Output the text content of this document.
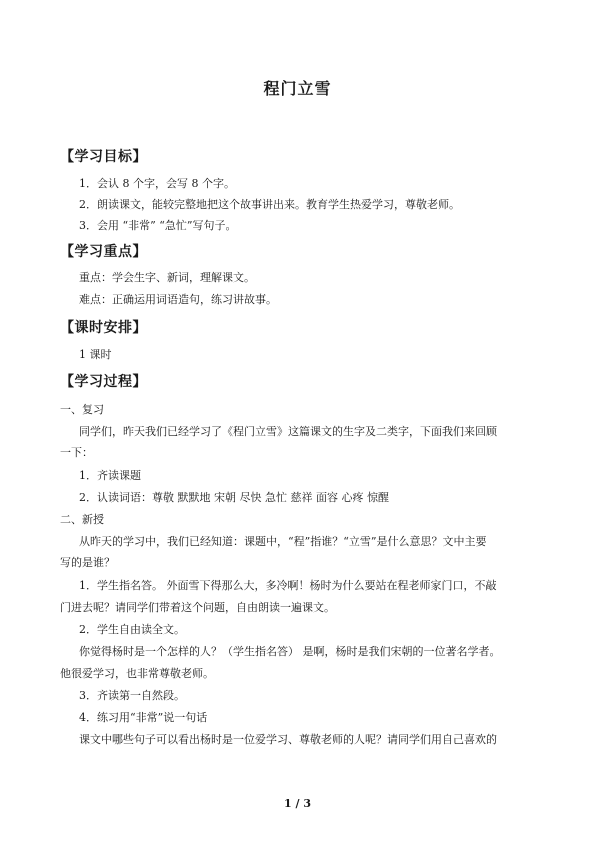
程门立雪
【学习目标】
1．会认 8 个字，会写 8 个字。
2．朗读课文，能较完整地把这个故事讲出来。教育学生热爱学习，尊敬老师。
3．会用 “非常” “急忙”写句子。
【学习重点】
重点：学会生字、新词，理解课文。
难点：正确运用词语造句，练习讲故事。
【课时安排】
1 课时
【学习过程】
一、复习
同学们，昨天我们已经学习了《程门立雪》这篇课文的生字及二类字，下面我们来回顾
一下：
1．齐读课题
2．认读词语：尊敬 默默地 宋朝 尽快 急忙 慈祥 面容 心疼 惊醒
二、新授
从昨天的学习中，我们已经知道：课题中，“程”指谁？“立雪”是什么意思？文中主要
写的是谁？
1．学生指名答。 外面雪下得那么大，多冷啊！杨时为什么要站在程老师家门口，不敲
门进去呢？请同学们带着这个问题，自由朗读一遍课文。
2．学生自由读全文。
你觉得杨时是一个怎样的人？（学生指名答） 是啊，杨时是我们宋朝的一位著名学者。
他很爱学习，也非常尊敬老师。
3．齐读第一自然段。
4．练习用“非常”说一句话
课文中哪些句子可以看出杨时是一位爱学习、尊敬老师的人呢？请同学们用自己喜欢的
1 / 3
